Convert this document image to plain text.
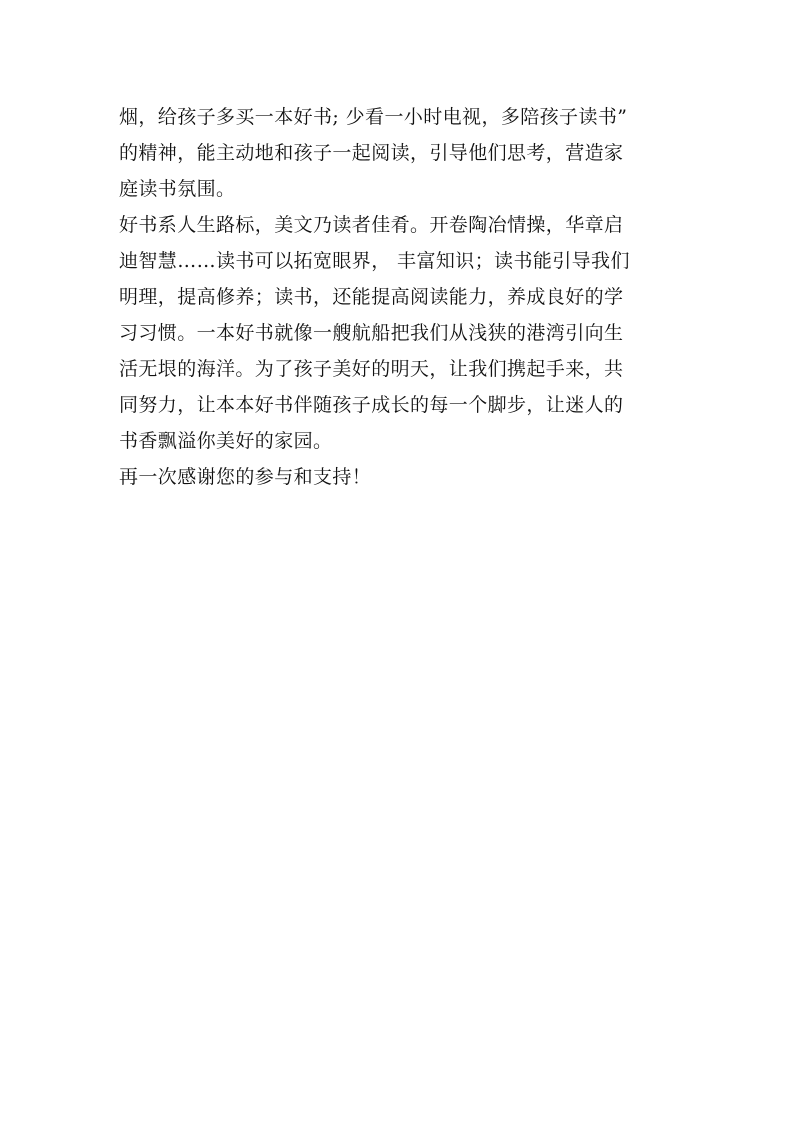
烟，给孩子多买一本好书; 少看一小时电视，多陪孩子读书”
的精神，能主动地和孩子一起阅读，引导他们思考，营造家
庭读书氛围。
好书系人生路标，美文乃读者佳肴。开卷陶冶情操，华章启
迪智慧……读书可以拓宽眼界， 丰富知识；读书能引导我们
明理，提高修养；读书，还能提高阅读能力，养成良好的学
习习惯。一本好书就像一艘航船把我们从浅狭的港湾引向生
活无垠的海洋。为了孩子美好的明天，让我们携起手来，共
同努力，让本本好书伴随孩子成长的每一个脚步，让迷人的
书香飘溢你美好的家园。
再一次感谢您的参与和支持！
